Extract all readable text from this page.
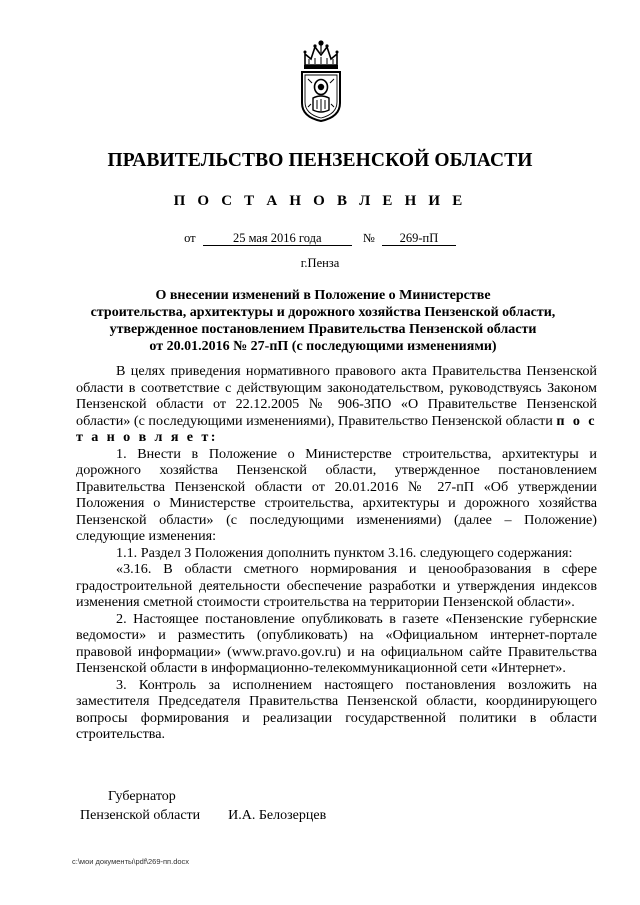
ПРАВИТЕЛЬСТВО ПЕНЗЕНСКОЙ ОБЛАСТИ
П О С Т А Н О В Л Е Н И Е
от	25 мая 2016 года	№ 269-пП
г.Пенза
О внесении изменений в Положение о Министерстве
строительства, архитектуры и дорожного хозяйства Пензенской области,
утвержденное постановлением Правительства Пензенской области
от 20.01.2016 № 27-пП (с последующими изменениями)

В целях приведения нормативного правового акта Правительства Пензенской области в соответствие с действующим законодательством, руководствуясь Законом Пензенской области от 22.12.2005 № 906-ЗПО «О Правительстве Пензенской области» (с последующими изменениями), Правительство Пензенской области п о с т а н о в л я е т:

1. Внести в Положение о Министерстве строительства, архитектуры и дорожного хозяйства Пензенской области, утвержденное постановлением Правительства Пензенской области от 20.01.2016 № 27-пП «Об утверждении Положения о Министерстве строительства, архитектуры и дорожного хозяйства Пензенской области» (с последующими изменениями) (далее – Положение) следующие изменения:

1.1. Раздел 3 Положения дополнить пунктом 3.16. следующего содержания:

«3.16. В области сметного нормирования и ценообразования в сфере градостроительной деятельности обеспечение разработки и утверждения индексов изменения сметной стоимости строительства на территории Пензенской области».

2. Настоящее постановление опубликовать в газете «Пензенские губернские ведомости» и разместить (опубликовать) на «Официальном интернет-портале правовой информации» (www.pravo.gov.ru) и на официальном сайте Правительства Пензенской области в информационно-телекоммуникационной сети «Интернет».

3. Контроль за исполнением настоящего постановления возложить на заместителя Председателя Правительства Пензенской области, координирующего вопросы формирования и реализации государственной политики в области строительства.

Губернатор
Пензенской области И.А. Белозерцев
c:\мои документы\pdf\269-пп.docx
